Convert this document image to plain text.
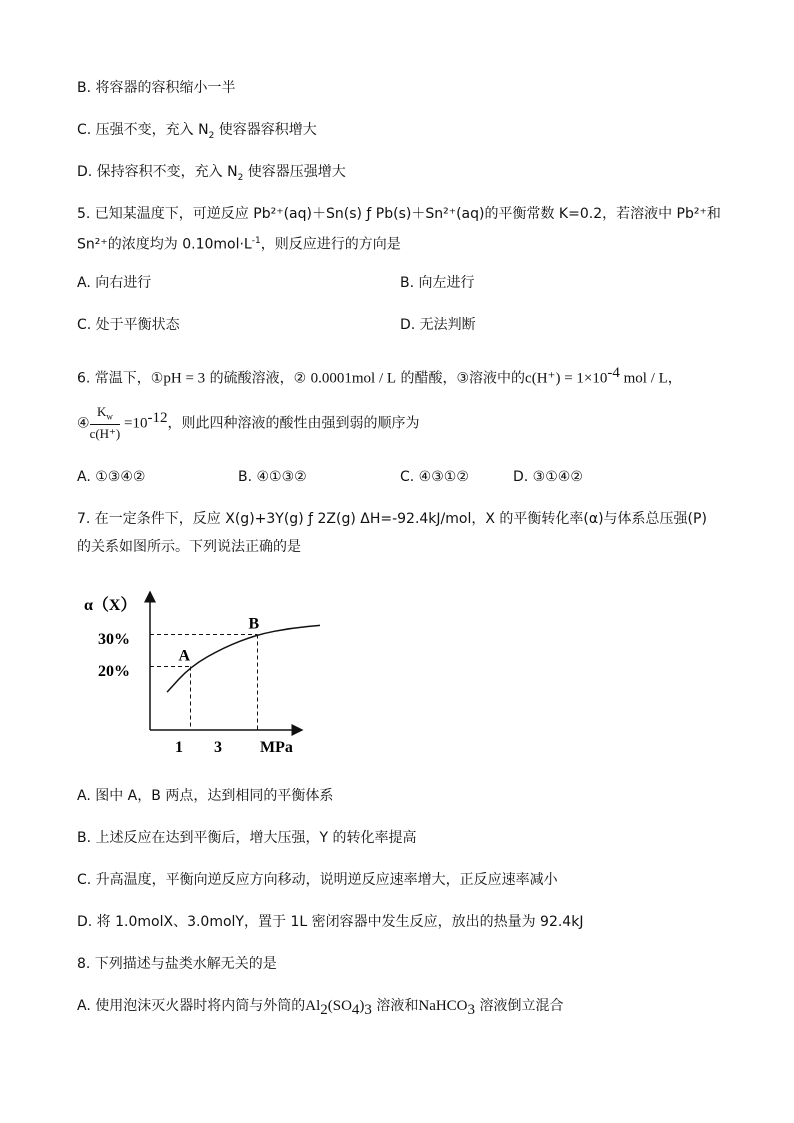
B. 将容器的容积缩小一半
C. 压强不变，充入 $N_2$ 使容器容积增大
D. 保持容积不变，充入 $N_2$ 使容器压强增大
5. 已知某温度下，可逆反应 Pb²⁺(aq)＋Sn(s) ƒ Pb(s)＋Sn²⁺(aq)的平衡常数 K=0.2，若溶液中 Pb²⁺和
Sn²⁺的浓度均为 $0.10mol\cdot L^{-1}$，则反应进行的方向是
A. 向右进行	B. 向左进行
C. 处于平衡状态	D. 无法判断
6. 常温下，①pH = 3 的硫酸溶液，② 0.0001mol / L 的醋酸，③溶液中的$c(H^+) = 1\times 10^{-4}$ mol / L，
④ $\frac{K_w}{c(H^+)} =10^{-12}$，则此四种溶液的酸性由强到弱的顺序为
A. ①③④②	B. ④①③②	C. ④③①②	D. ③①④②
7. 在一定条件下，反应 X(g)+3Y(g) ƒ 2Z(g) ΔH=-92.4kJ/mol，X 的平衡转化率(α)与体系总压强(P)
的关系如图所示。下列说法正确的是
α（X）
MPa
20%
30%
1 3
A
B
A. 图中 A，B 两点，达到相同的平衡体系
B. 上述反应在达到平衡后，增大压强，Y 的转化率提高
C. 升高温度，平衡向逆反应方向移动，说明逆反应速率增大，正反应速率减小
D. 将 1.0molX、3.0molY，置于 1L 密闭容器中发生反应，放出的热量为 92.4kJ
8. 下列描述与盐类水解无关的是
A. 使用泡沫灭火器时将内筒与外筒的$Al_2(SO_4)_3$ 溶液和NaHCO$_3$ 溶液倒立混合
